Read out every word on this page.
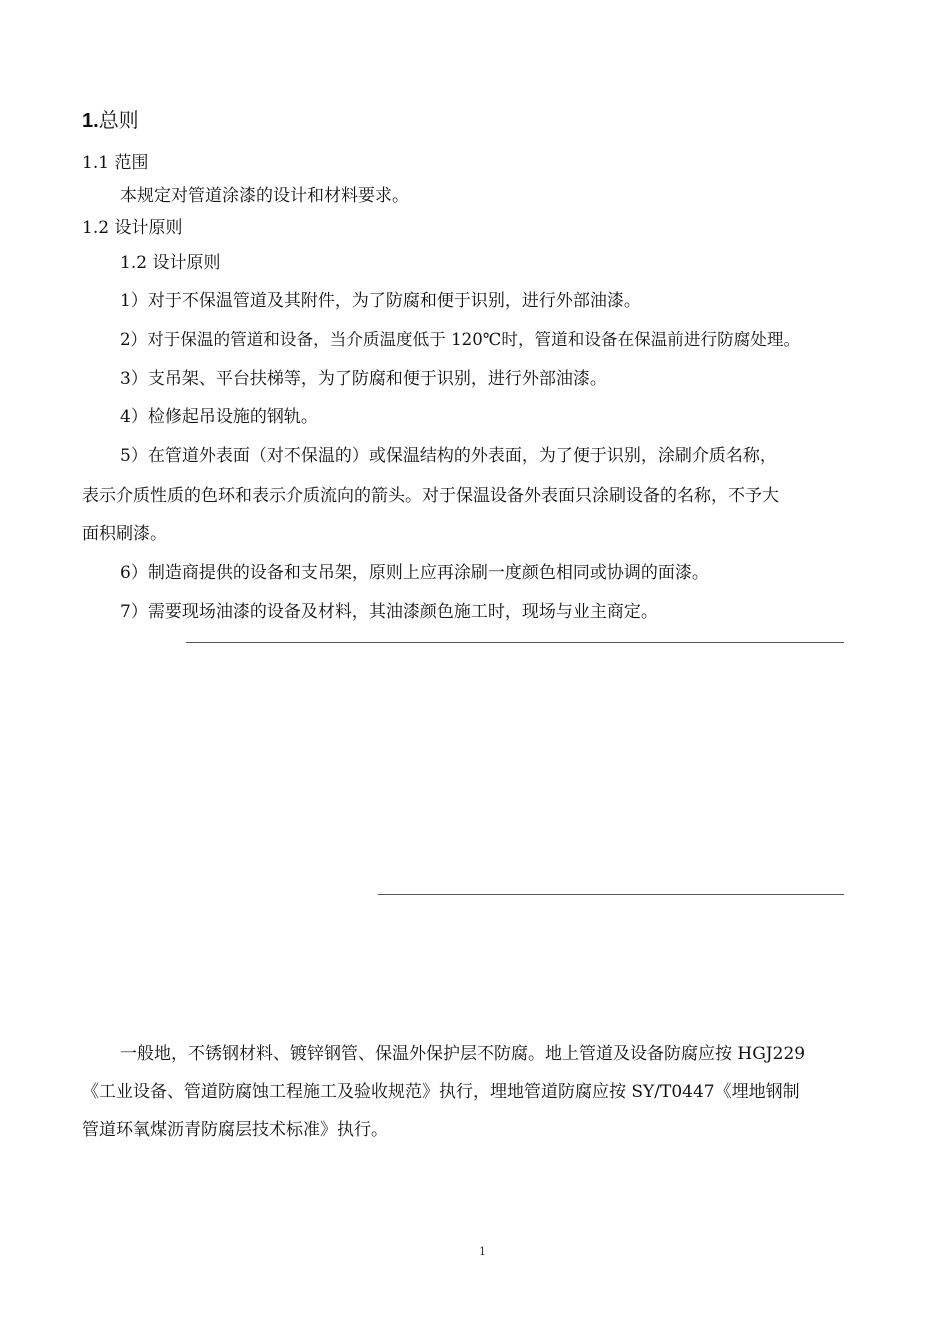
1.总则
1.1 范围
本规定对管道涂漆的设计和材料要求。
1.2 设计原则
1.2 设计原则
1）对于不保温管道及其附件，为了防腐和便于识别，进行外部油漆。
2）对于保温的管道和设备，当介质温度低于 120℃时，管道和设备在保温前进行防腐处理。
3）支吊架、平台扶梯等，为了防腐和便于识别，进行外部油漆。
4）检修起吊设施的钢轨。
5）在管道外表面（对不保温的）或保温结构的外表面，为了便于识别，涂刷介质名称，
表示介质性质的色环和表示介质流向的箭头。对于保温设备外表面只涂刷设备的名称，不予大
面积刷漆。
6）制造商提供的设备和支吊架，原则上应再涂刷一度颜色相同或协调的面漆。
7）需要现场油漆的设备及材料，其油漆颜色施工时，现场与业主商定。
一般地，不锈钢材料、镀锌钢管、保温外保护层不防腐。地上管道及设备防腐应按 HGJ229
《工业设备、管道防腐蚀工程施工及验收规范》执行，埋地管道防腐应按 SY/T0447《埋地钢制
管道环氧煤沥青防腐层技术标准》执行。
1
